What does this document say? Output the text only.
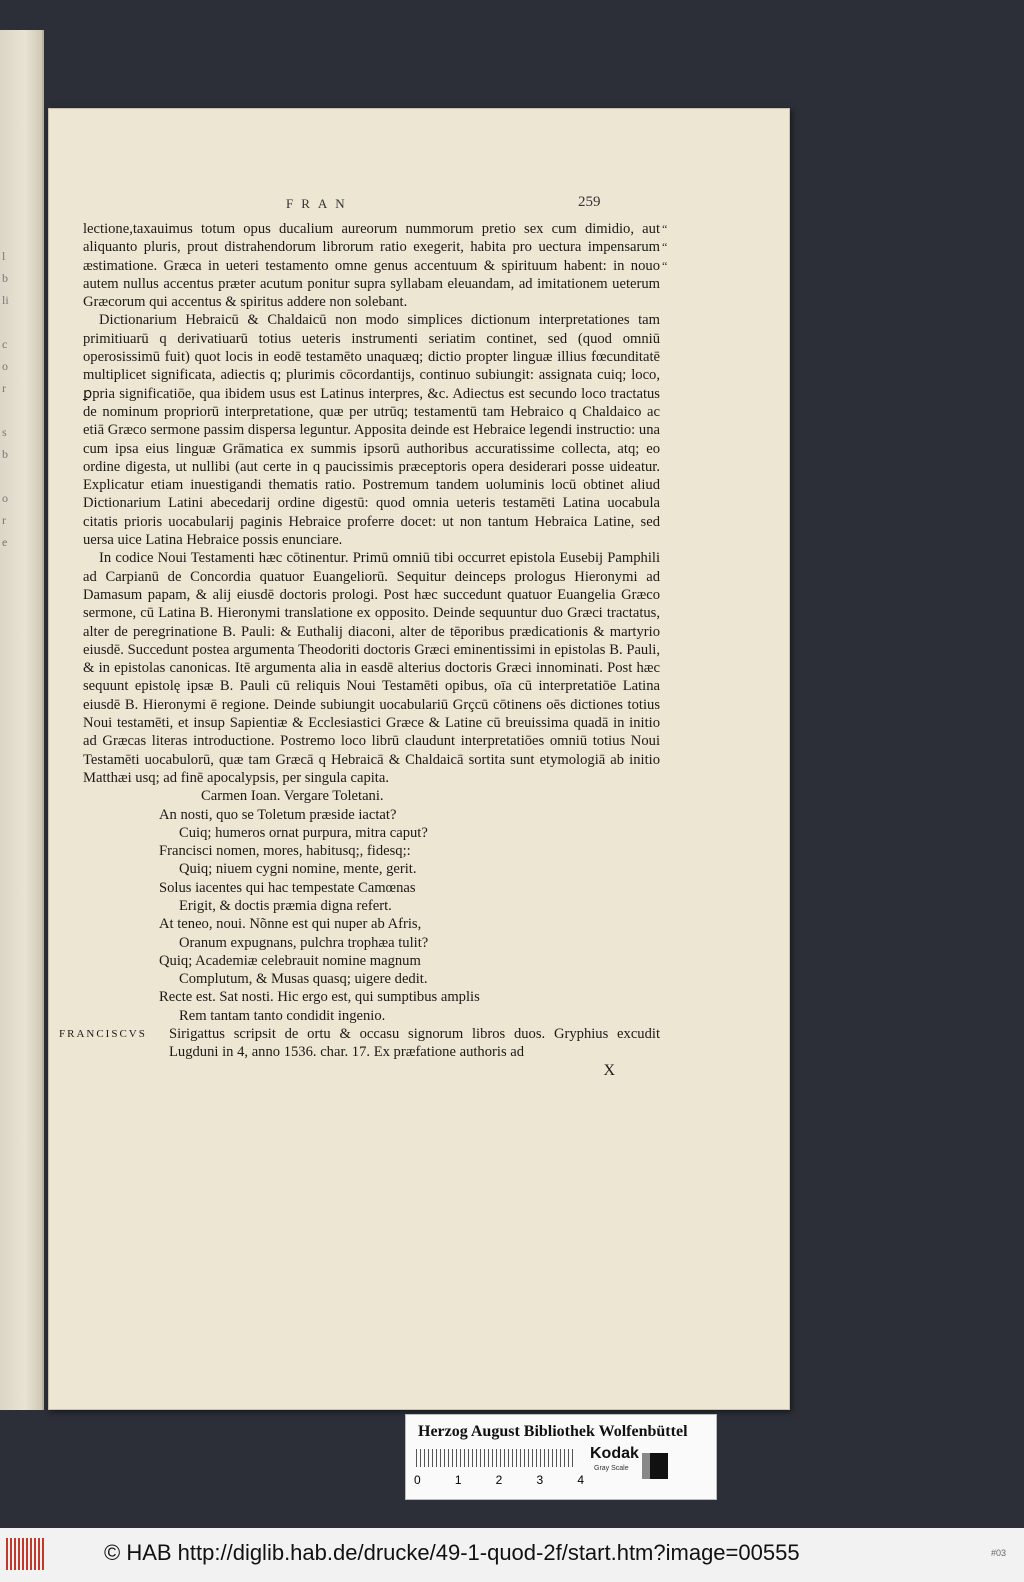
l
b
li

c
o
r

s
b

o
r
e
FRAN	259
“
“
“

lectione,taxauimus totum opus ducalium aureorum nummorum pretio sex cum dimidio, aut aliquanto pluris, prout distrahendorum librorum ratio exegerit, habita pro uectura impensarum æstimatione. Græca in ueteri testamento omne genus accentuum & spirituum habent: in nouo autem nullus accentus præter acutum ponitur supra syllabam eleuandam, ad imitationem ueterum Græcorum qui accentus & spiritus addere non solebant.

Dictionarium Hebraicū & Chaldaicū non modo simplices dictionum interpretationes tam primitiuarū q derivatiuarū totius ueteris instrumenti seriatim continet, sed (quod omniū operosissimū fuit) quot locis in eodē testamēto unaquæq; dictio propter linguæ illius fœcunditatē multiplicet significata, adiectis q; plurimis cōcordantijs, continuo subiungit: assignata cuiq; loco, ꝑpria significatiōe, qua ibidem usus est Latinus interpres, &c. Adiectus est secundo loco tractatus de nominum propriorū interpretatione, quæ per utrūq; testamentū tam Hebraico q Chaldaico ac etiā Græco sermone passim dispersa leguntur. Apposita deinde est Hebraice legendi instructio: una cum ipsa eius linguæ Grāmatica ex summis ipsorū authoribus accuratissime collecta, atq; eo ordine digesta, ut nullibi (aut certe in q paucissimis præceptoris opera desiderari posse uideatur. Explicatur etiam inuestigandi thematis ratio. Postremum tandem uoluminis locū obtinet aliud Dictionarium Latini abecedarij ordine digestū: quod omnia ueteris testamēti Latina uocabula citatis prioris uocabularij paginis Hebraice proferre docet: ut non tantum Hebraica Latine, sed uersa uice Latina Hebraice possis enunciare.

In codice Noui Testamenti hæc cōtinentur. Primū omniū tibi occurret epistola Eusebij Pamphili ad Carpianū de Concordia quatuor Euangeliorū. Sequitur deinceps prologus Hieronymi ad Damasum papam, & alij eiusdē doctoris prologi. Post hæc succedunt quatuor Euangelia Græco sermone, cū Latina B. Hieronymi translatione ex opposito. Deinde sequuntur duo Græci tractatus, alter de peregrinatione B. Pauli: & Euthalij diaconi, alter de tēporibus prædicationis & martyrio eiusdē. Succedunt postea argumenta Theodoriti doctoris Græci eminentissimi in epistolas B. Pauli, & in epistolas canonicas. Itē argumenta alia in easdē alterius doctoris Græci innominati. Post hæc sequunt epistolę ipsæ B. Pauli cū reliquis Noui Testamēti opibus, oīa cū interpretatiōe Latina eiusdē B. Hieronymi ē regione. Deinde subiungit uocabulariū Grçcū cōtinens oēs dictiones totius Noui testamēti, et insup Sapientiæ & Ecclesiastici Græce & Latine cū breuissima quadā in initio ad Græcas literas introductione. Postremo loco librū claudunt interpretatiōes omniū totius Noui Testamēti uocabulorū, quæ tam Græcā q Hebraicā & Chaldaicā sortita sunt etymologiā ab initio Matthæi usq; ad finē apocalypsis, per singula capita.

Carmen Ioan. Vergare Toletani.
An nosti, quo se Toletum præside iactat?
Cuiq; humeros ornat purpura, mitra caput?
Francisci nomen, mores, habitusq;, fidesq;:
Quiq; niuem cygni nomine, mente, gerit.
Solus iacentes qui hac tempestate Camœnas
Erigit, & doctis præmia digna refert.
At teneo, noui. Nõnne est qui nuper ab Afris,
Oranum expugnans, pulchra trophæa tulit?
Quiq; Academiæ celebrauit nomine magnum
Complutum, & Musas quasq; uigere dedit.
Recte est. Sat nosti. Hic ergo est, qui sumptibus amplis
Rem tantam tanto condidit ingenio.
FRANCISCVS	Sirigattus scripsit de ortu & occasu signorum libros duos. Gryphius excudit Lugduni in 4, anno 1536. char. 17. Ex præfatione authoris ad

X
Herzog August Bibliothek Wolfenbüttel
0	1	2	3	4
Kodak
Gray Scale
© HAB http://diglib.hab.de/drucke/49-1-quod-2f/start.htm?image=00555	#03
